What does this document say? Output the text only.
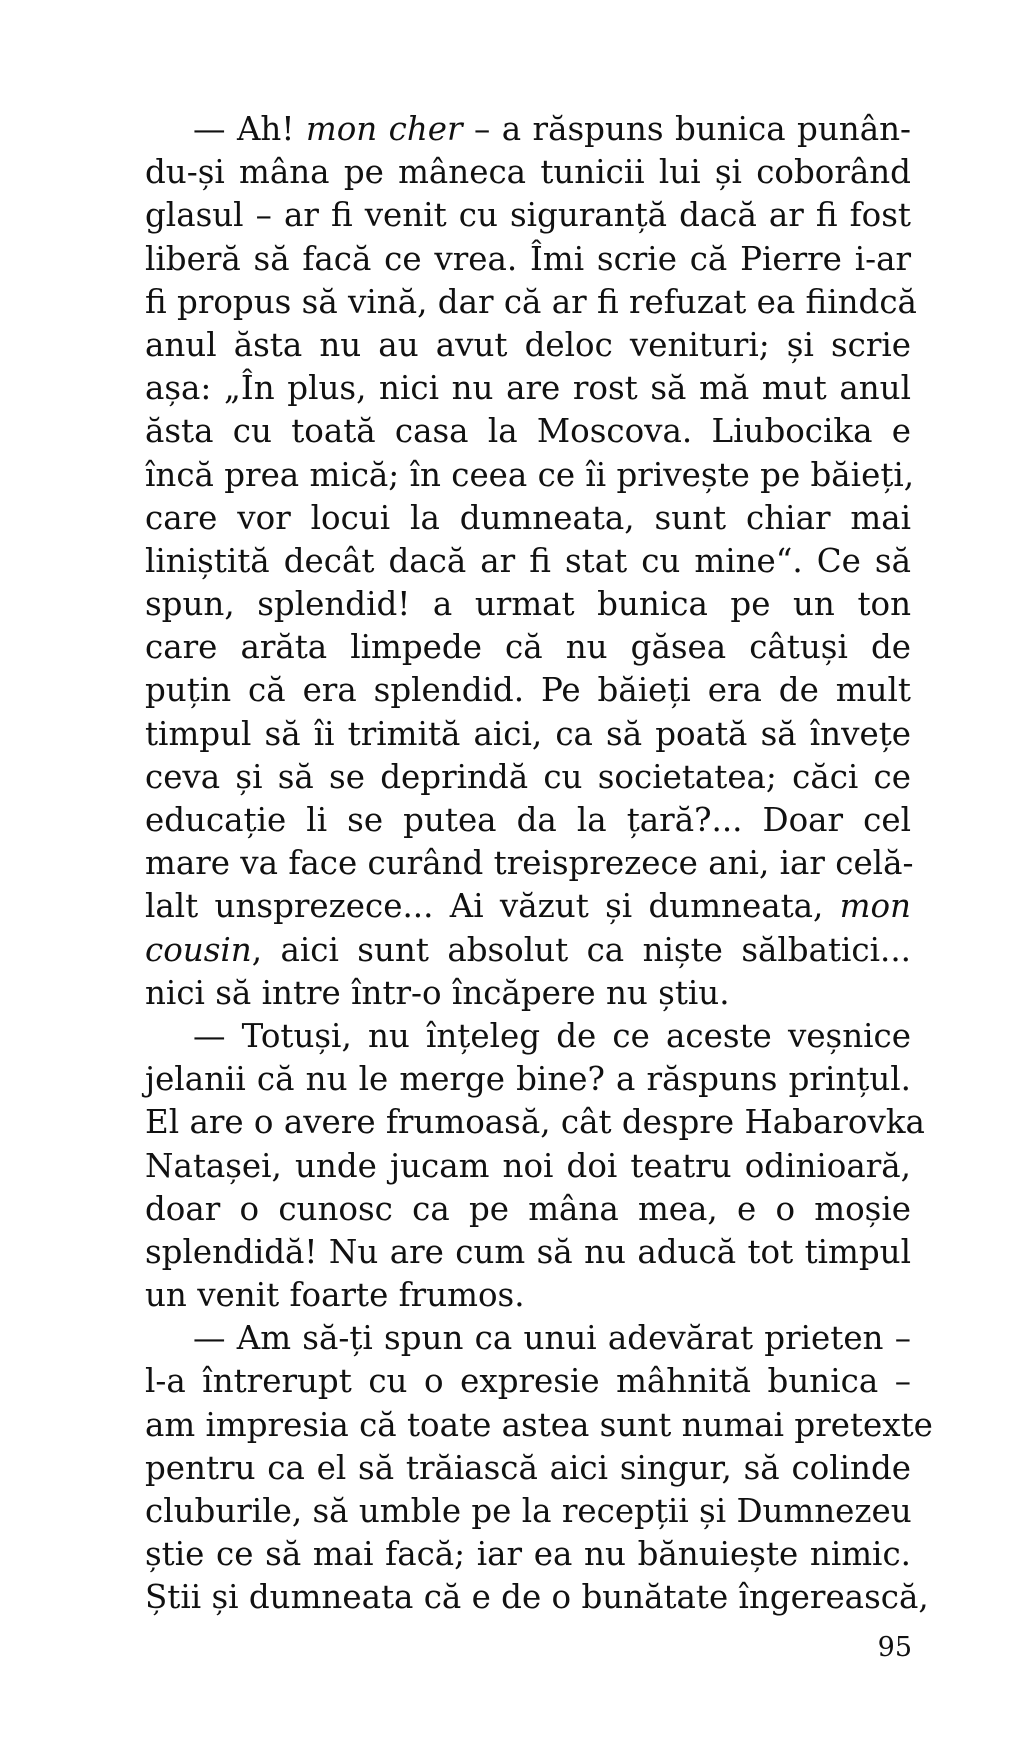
— Ah! mon cher – a răspuns bunica punân-
du-și mâna pe mâneca tunicii lui și coborând
glasul – ar fi venit cu siguranță dacă ar fi fost
liberă să facă ce vrea. Îmi scrie că Pierre i-ar
fi propus să vină, dar că ar fi refuzat ea fiindcă
anul ăsta nu au avut deloc venituri; și scrie
așa: „În plus, nici nu are rost să mă mut anul
ăsta cu toată casa la Moscova. Liubocika e
încă prea mică; în ceea ce îi privește pe băieți,
care vor locui la dumneata, sunt chiar mai
liniștită decât dacă ar fi stat cu mine“. Ce să
spun, splendid! a urmat bunica pe un ton
care arăta limpede că nu găsea câtuși de
puțin că era splendid. Pe băieți era de mult
timpul să îi trimită aici, ca să poată să învețe
ceva și să se deprindă cu societatea; căci ce
educație li se putea da la țară?... Doar cel
mare va face curând treisprezece ani, iar celă-
lalt unsprezece... Ai văzut și dumneata, mon
cousin, aici sunt absolut ca niște sălbatici...
nici să intre într-o încăpere nu știu.
— Totuși, nu înțeleg de ce aceste veșnice
jelanii că nu le merge bine? a răspuns prințul.
El are o avere frumoasă, cât despre Habarovka
Natașei, unde jucam noi doi teatru odinioară,
doar o cunosc ca pe mâna mea, e o moșie
splendidă! Nu are cum să nu aducă tot timpul
un venit foarte frumos.
— Am să-ți spun ca unui adevărat prieten –
l-a întrerupt cu o expresie mâhnită bunica –
am impresia că toate astea sunt numai pretexte
pentru ca el să trăiască aici singur, să colinde
cluburile, să umble pe la recepții și Dumnezeu
știe ce să mai facă; iar ea nu bănuiește nimic.
Știi și dumneata că e de o bunătate îngerească,
95
